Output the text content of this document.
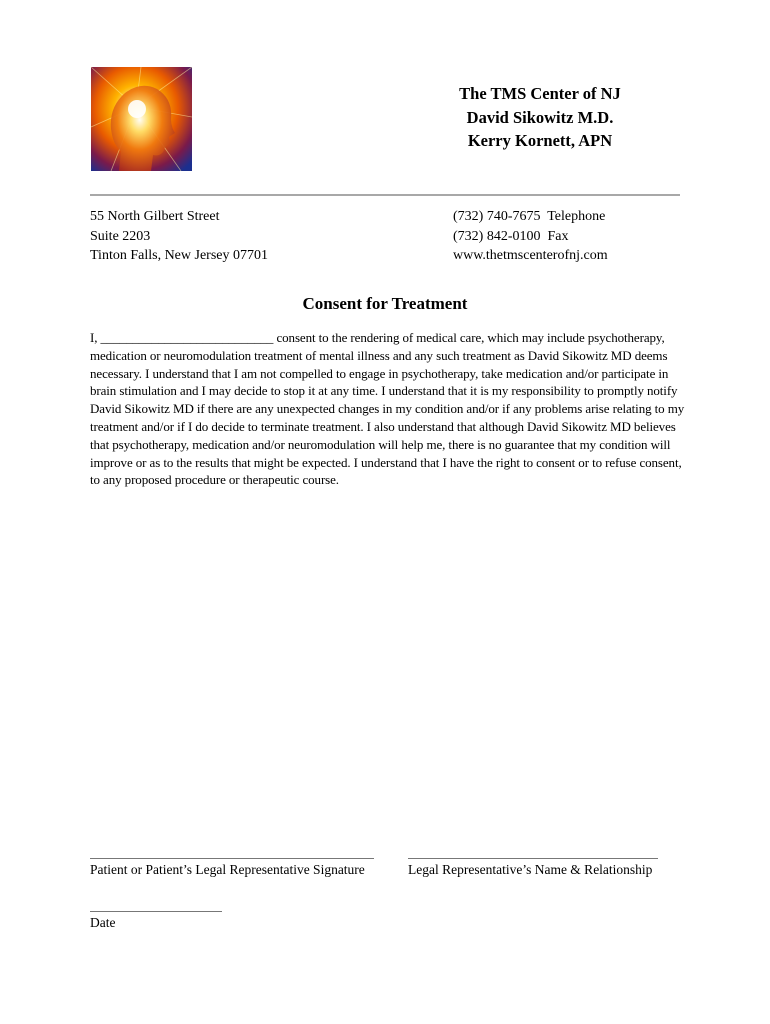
The TMS Center of NJ
David Sikowitz M.D.
Kerry Kornett, APN
55 North Gilbert Street
Suite 2203
Tinton Falls, New Jersey 07701
(732) 740-7675  Telephone
(732) 842-0100  Fax
www.thetmscenterofnj.com
Consent for Treatment
I, ___________________________ consent to the rendering of medical care, which may include psychotherapy, medication or neuromodulation treatment of mental illness and any such treatment as David Sikowitz MD deems necessary. I understand that I am not compelled to engage in psychotherapy, take medication and/or participate in brain stimulation and I may decide to stop it at any time. I understand that it is my responsibility to promptly notify David Sikowitz MD if there are any unexpected changes in my condition and/or if any problems arise relating to my treatment and/or if I do decide to terminate treatment. I also understand that although David Sikowitz MD believes that psychotherapy, medication and/or neuromodulation will help me, there is no guarantee that my condition will improve or as to the results that might be expected. I understand that I have the right to consent or to refuse consent, to any proposed procedure or therapeutic course.
Patient or Patient’s Legal Representative Signature	Legal Representative’s Name & Relationship
Date
